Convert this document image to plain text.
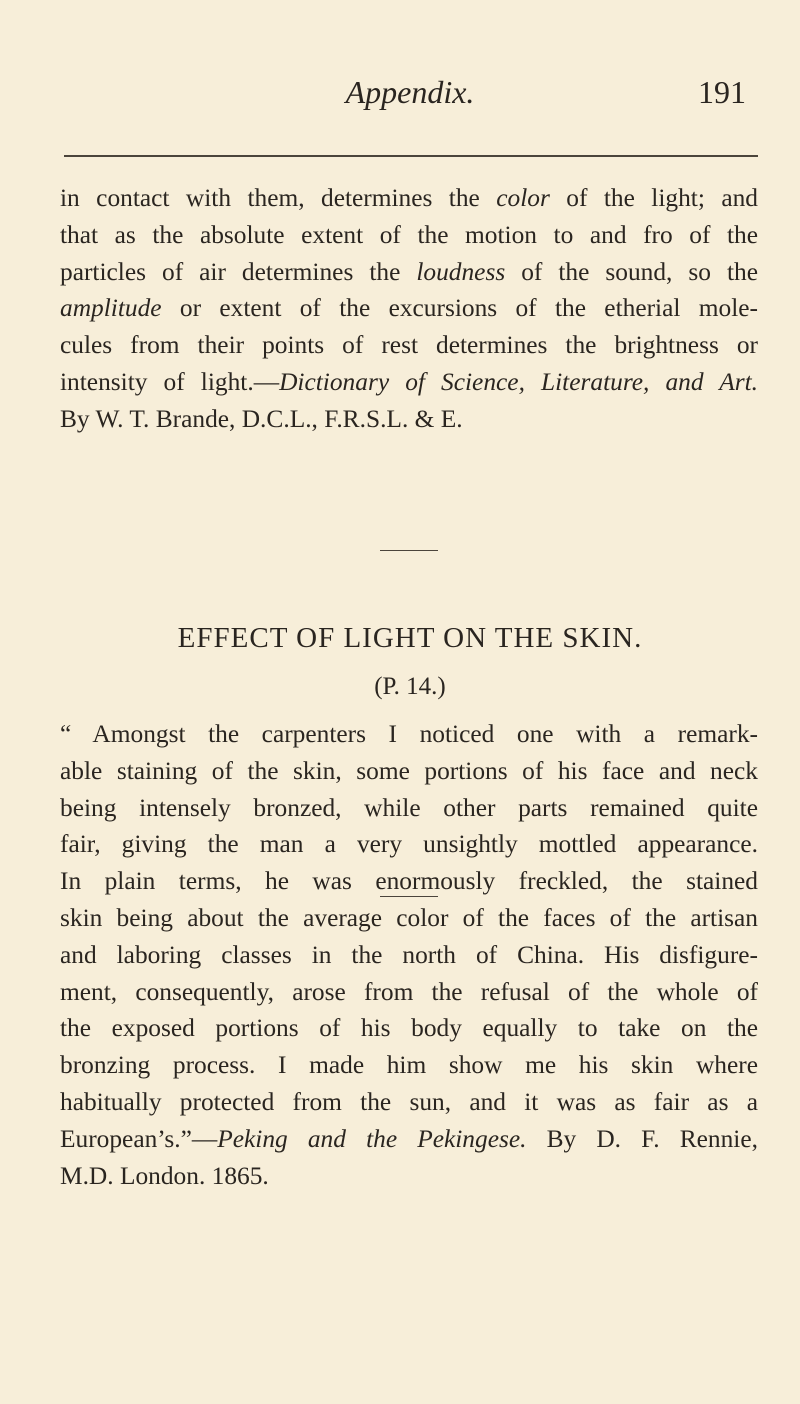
Appendix.	191
in contact with them, determines the color of the light; and
that as the absolute extent of the motion to and fro of the
particles of air determines the loudness of the sound, so the
amplitude or extent of the excursions of the etherial mole-
cules from their points of rest determines the brightness or
intensity of light.—Dictionary of Science, Literature, and Art.
By W. T. Brande, D.C.L., F.R.S.L. & E.
EFFECT OF LIGHT ON THE SKIN.
(P. 14.)
“ Amongst the carpenters I noticed one with a remark-
able staining of the skin, some portions of his face and neck
being intensely bronzed, while other parts remained quite
fair, giving the man a very unsightly mottled appearance.
In plain terms, he was enormously freckled, the stained
skin being about the average color of the faces of the artisan
and laboring classes in the north of China. His disfigure-
ment, consequently, arose from the refusal of the whole of
the exposed portions of his body equally to take on the
bronzing process. I made him show me his skin where
habitually protected from the sun, and it was as fair as a
European’s.”—Peking and the Pekingese. By D. F. Rennie,
M.D. London. 1865.
